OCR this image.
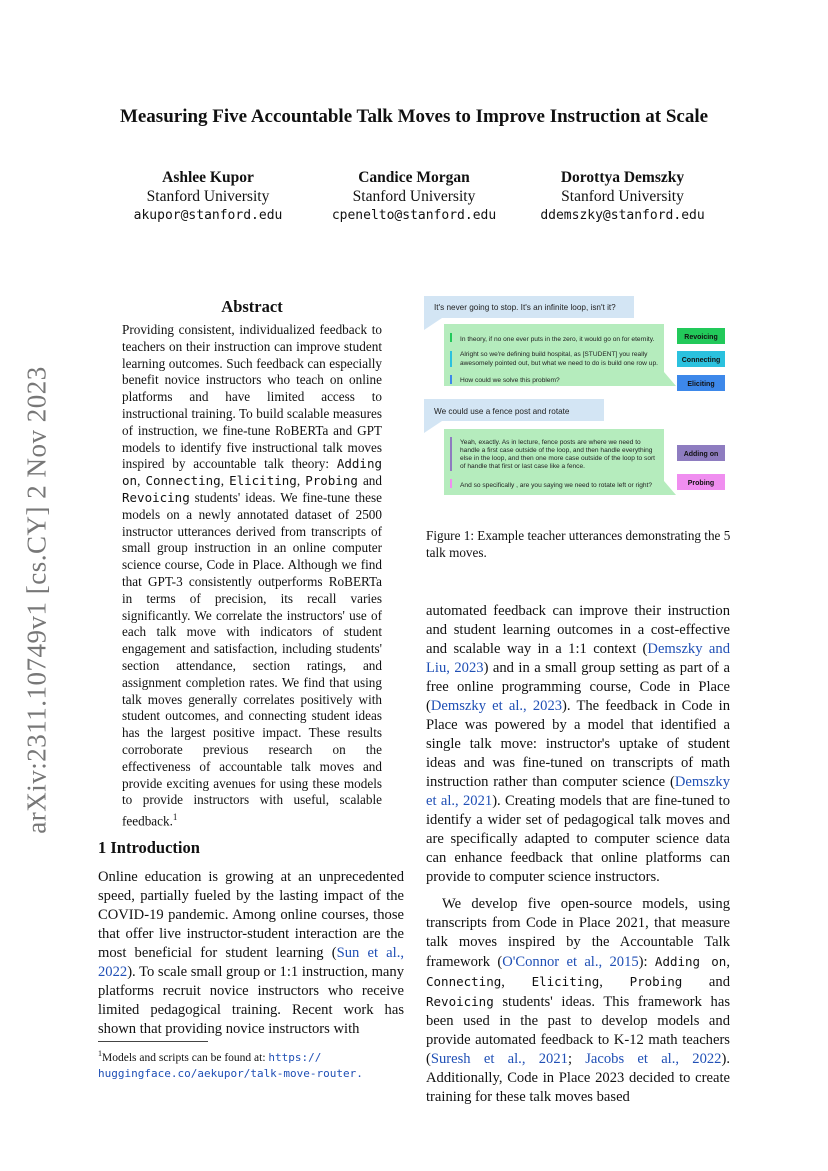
arXiv:2311.10749v1 [cs.CY] 2 Nov 2023
Measuring Five Accountable Talk Moves to Improve Instruction at Scale
Ashlee Kupor
Stanford University
akupor@stanford.edu
Candice Morgan
Stanford University
cpenelto@stanford.edu
Dorottya Demszky
Stanford University
ddemszky@stanford.edu
Abstract
Providing consistent, individualized feedback to teachers on their instruction can improve student learning outcomes. Such feedback can especially benefit novice instructors who teach on online platforms and have limited access to instructional training. To build scalable measures of instruction, we fine-tune RoBERTa and GPT models to identify five instructional talk moves inspired by accountable talk theory: Adding on, Connecting, Eliciting, Probing and Revoicing students' ideas. We fine-tune these models on a newly annotated dataset of 2500 instructor utterances derived from transcripts of small group instruction in an online computer science course, Code in Place. Although we find that GPT-3 consistently outperforms RoBERTa in terms of precision, its recall varies significantly. We correlate the instructors' use of each talk move with indicators of student engagement and satisfaction, including students' section attendance, section ratings, and assignment completion rates. We find that using talk moves generally correlates positively with student outcomes, and connecting student ideas has the largest positive impact. These results corroborate previous research on the effectiveness of accountable talk moves and provide exciting avenues for using these models to provide instructors with useful, scalable feedback.$^1$
1 Introduction
Online education is growing at an unprecedented speed, partially fueled by the lasting impact of the COVID-19 pandemic. Among online courses, those that offer live instructor-student interaction are the most beneficial for student learning (Sun et al., 2022). To scale small group or 1:1 instruction, many platforms recruit novice instructors who receive limited pedagogical training. Recent work has shown that providing novice instructors with
$^1$Models and scripts can be found at: https:// huggingface.co/aekupor/talk-move-router.
automated feedback can improve their instruction and student learning outcomes in a cost-effective and scalable way in a 1:1 context (Demszky and Liu, 2023) and in a small group setting as part of a free online programming course, Code in Place (Demszky et al., 2023). The feedback in Code in Place was powered by a model that identified a single talk move: instructor's uptake of student ideas and was fine-tuned on transcripts of math instruction rather than computer science (Demszky et al., 2021). Creating models that are fine-tuned to identify a wider set of pedagogical talk moves and are specifically adapted to computer science data can enhance feedback that online platforms can provide to computer science instructors.
We develop five open-source models, using transcripts from Code in Place 2021, that measure talk moves inspired by the Accountable Talk framework (O'Connor et al., 2015): Adding on, Connecting, Eliciting, Probing and Revoicing students' ideas. This framework has been used in the past to develop models and provide automated feedback to K-12 math teachers (Suresh et al., 2021; Jacobs et al., 2022). Additionally, Code in Place 2023 decided to create training for these talk moves based
It's never going to stop. It's an infinite loop, isn't it?
In theory, if no one ever puts in the zero, it would go on for eternity.
Alright so we're defining build hospital, as [STUDENT] you really
awesomely pointed out, but what we need to do is build one row up.
How could we solve this problem?
Revoicing
Connecting
Eliciting
We could use a fence post and rotate
Yeah, exactly. As in lecture, fence posts are where we need to
handle a first case outside of the loop, and then handle everything
else in the loop, and then one more case outside of the loop to sort
of handle that first or last case like a fence.
And so specifically , are you saying we need to rotate left or right?
Adding on
Probing
Figure 1: Example teacher utterances demonstrating the 5 talk moves.
